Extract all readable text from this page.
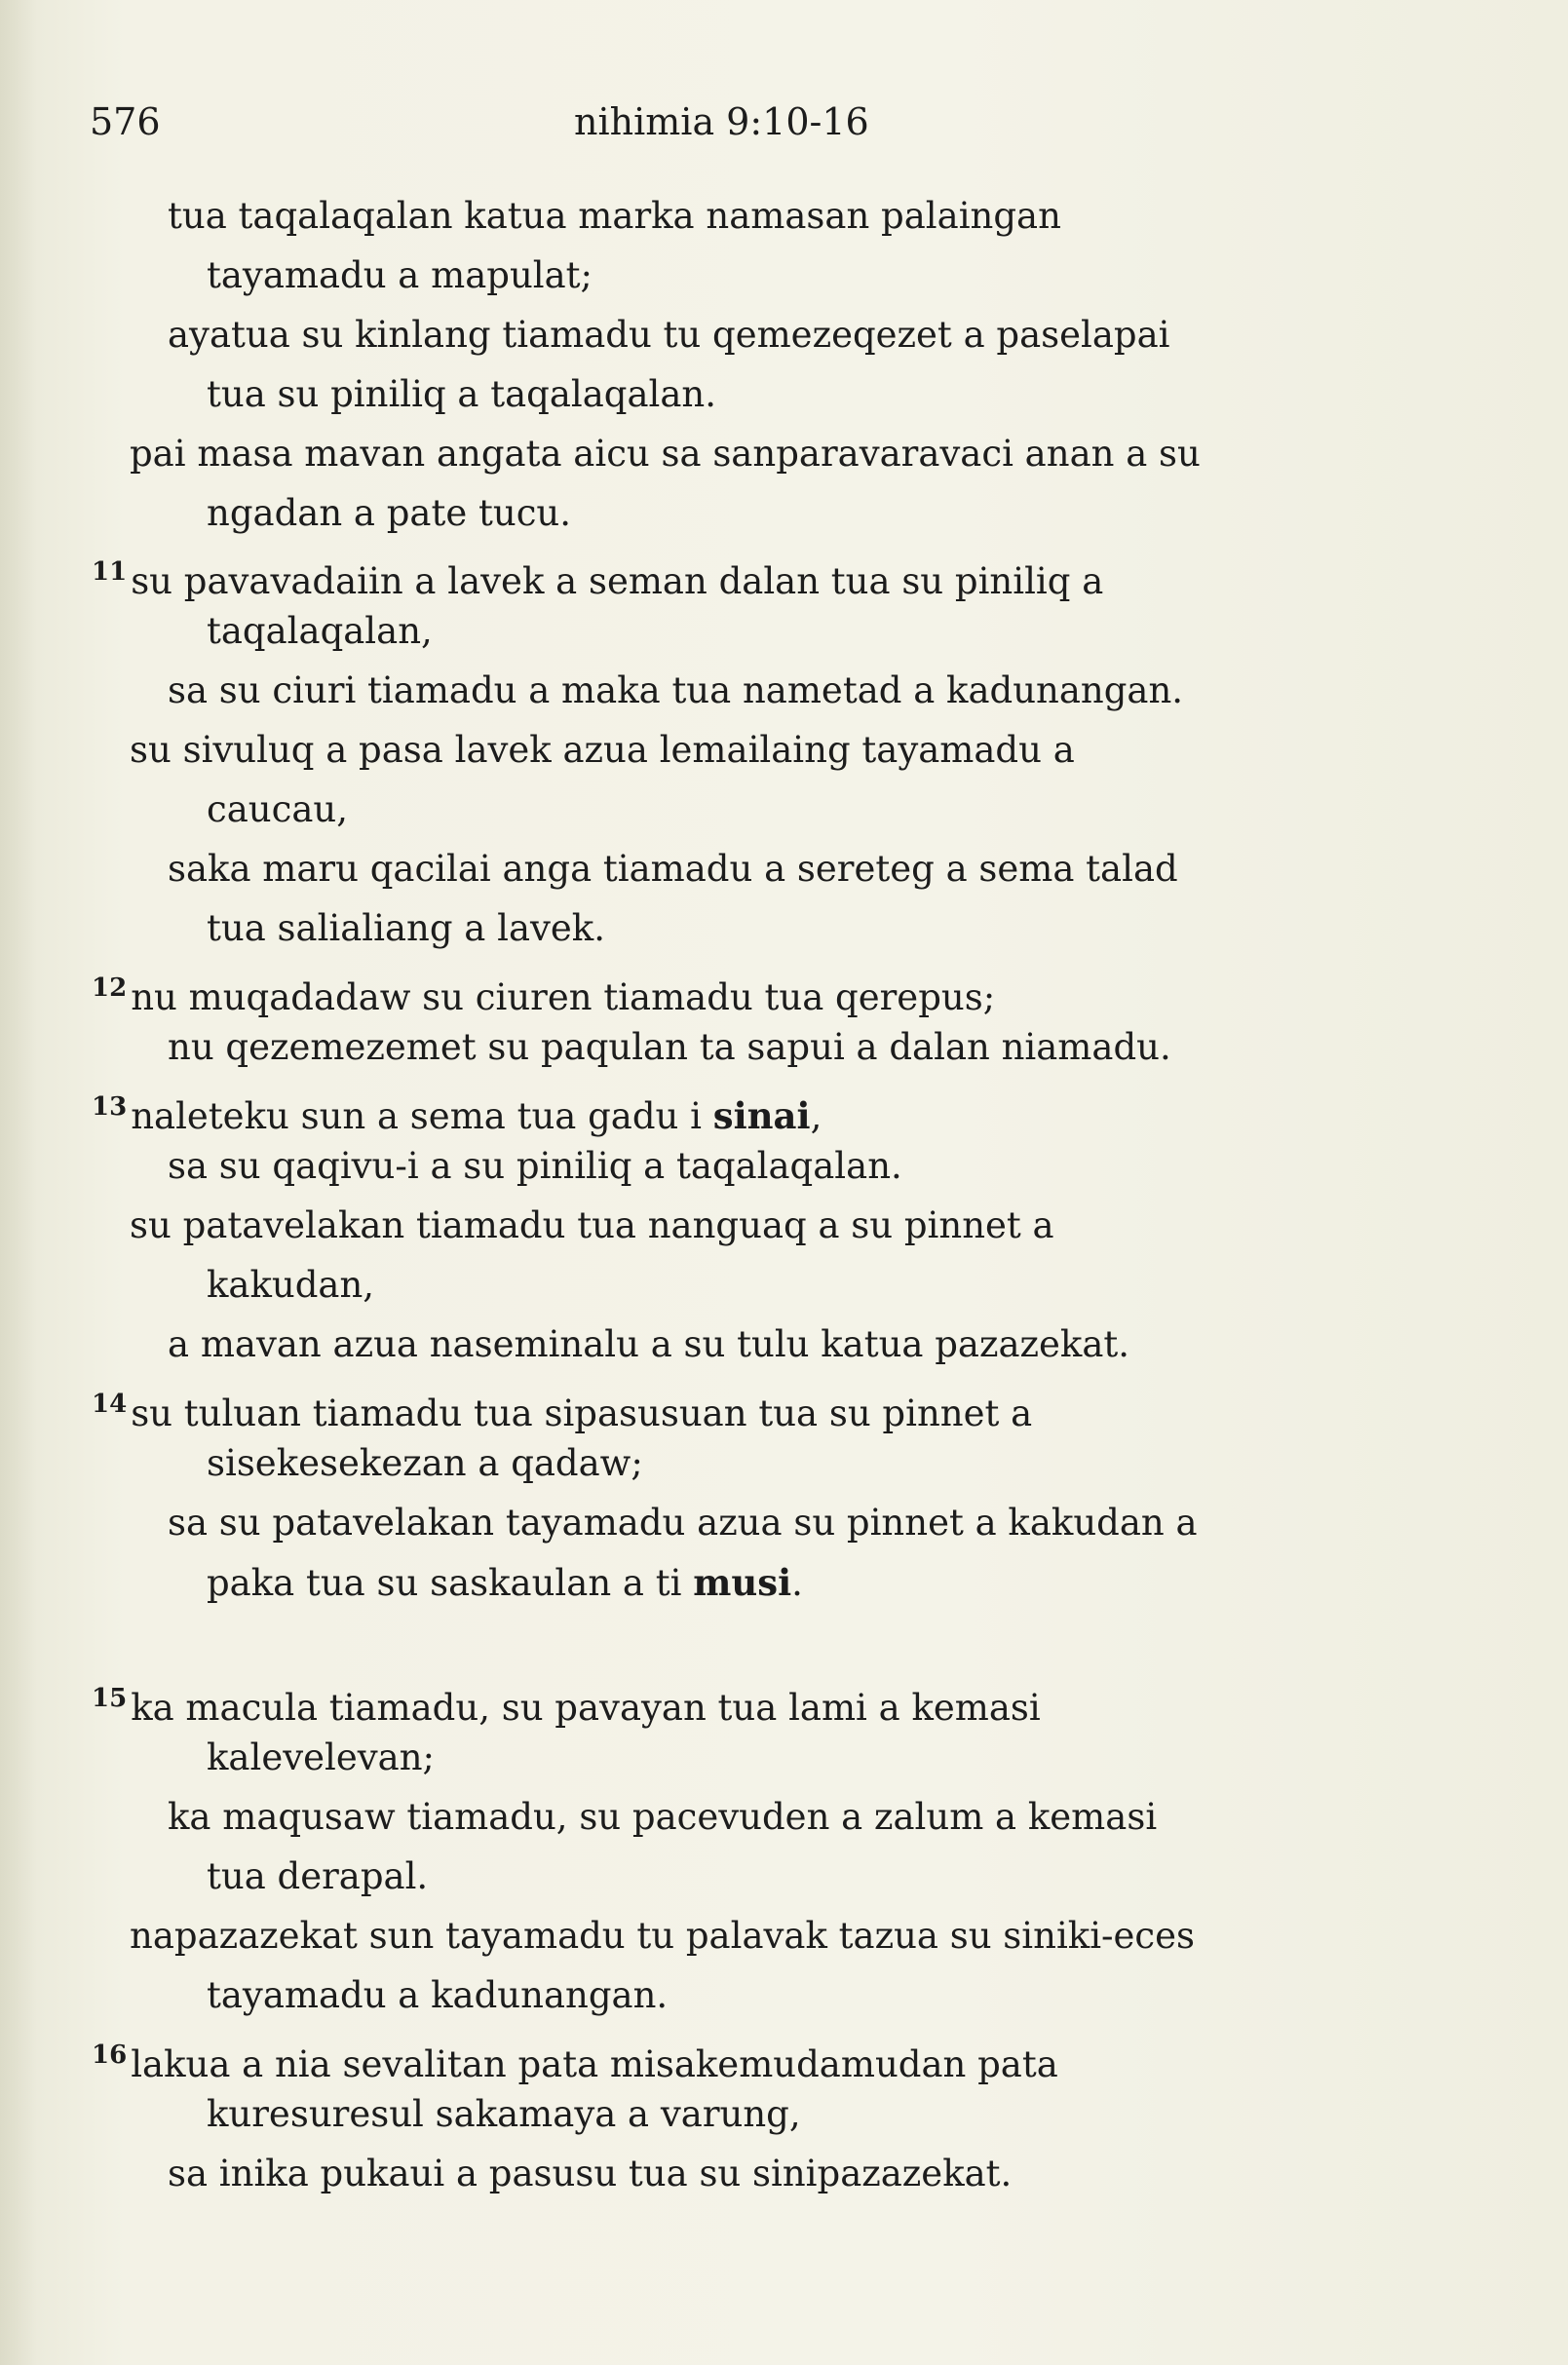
576	nihimia 9:10-16
tua taqalaqalan katua marka namasan palaingan
tayamadu a mapulat;
ayatua su kinlang tiamadu tu qemezeqezet a paselapai
tua su piniliq a taqalaqalan.
pai masa mavan angata aicu sa sanparavaravaci anan a su
ngadan a pate tucu.
$^{11}$ su pavavadaiin a lavek a seman dalan tua su piniliq a
taqalaqalan,
sa su ciuri tiamadu a maka tua nametad a kadunangan.
su sivuluq a pasa lavek azua lemailaing tayamadu a
caucau,
saka maru qacilai anga tiamadu a sereteg a sema talad
tua salialiang a lavek.
$^{12}$ nu muqadadaw su ciuren tiamadu tua qerepus;
nu qezemezemet su paqulan ta sapui a dalan niamadu.
$^{13}$ naleteku sun a sema tua gadu i sinai,
sa su qaqivu-i a su piniliq a taqalaqalan.
su patavelakan tiamadu tua nanguaq a su pinnet a
kakudan,
a mavan azua naseminalu a su tulu katua pazazekat.
$^{14}$ su tuluan tiamadu tua sipasusuan tua su pinnet a
sisekesekezan a qadaw;
sa su patavelakan tayamadu azua su pinnet a kakudan a
paka tua su saskaulan a ti musi.
$^{15}$ ka macula tiamadu, su pavayan tua lami a kemasi
kalevelevan;
ka maqusaw tiamadu, su pacevuden a zalum a kemasi
tua derapal.
napazazekat sun tayamadu tu palavak tazua su siniki-eces
tayamadu a kadunangan.
$^{16}$ lakua a nia sevalitan pata misakemudamudan pata
kuresuresul sakamaya a varung,
sa inika pukaui a pasusu tua su sinipazazekat.
